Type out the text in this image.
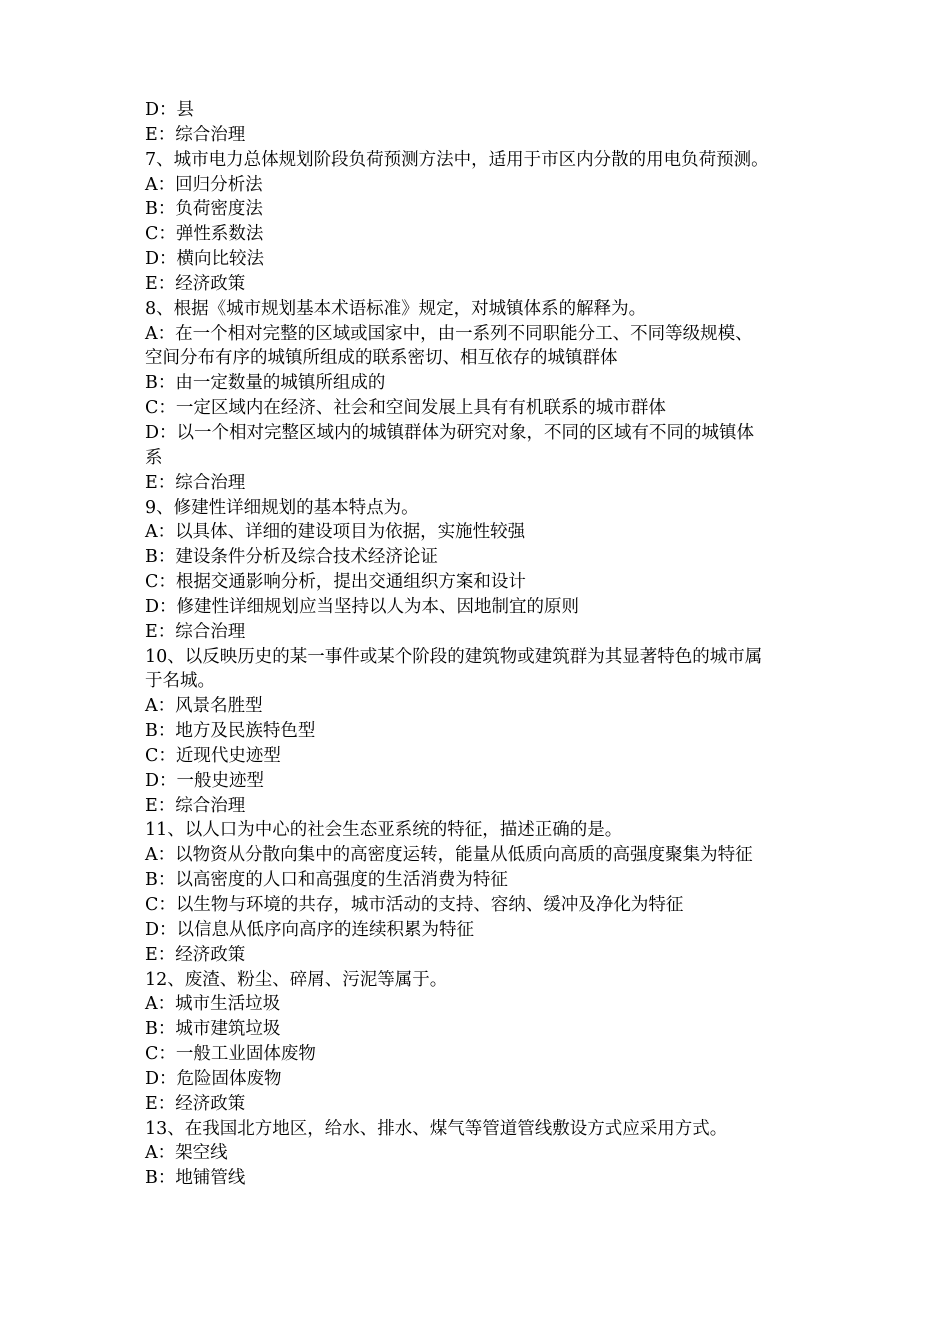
D：县
E：综合治理
7、城市电力总体规划阶段负荷预测方法中，适用于市区内分散的用电负荷预测。
A：回归分析法
B：负荷密度法
C：弹性系数法
D：横向比较法
E：经济政策
8、根据《城市规划基本术语标准》规定，对城镇体系的解释为。
A：在一个相对完整的区域或国家中，由一系列不同职能分工、不同等级规模、
空间分布有序的城镇所组成的联系密切、相互依存的城镇群体
B：由一定数量的城镇所组成的
C：一定区域内在经济、社会和空间发展上具有有机联系的城市群体
D：以一个相对完整区域内的城镇群体为研究对象，不同的区域有不同的城镇体
系
E：综合治理
9、修建性详细规划的基本特点为。
A：以具体、详细的建设项目为依据，实施性较强
B：建设条件分析及综合技术经济论证
C：根据交通影响分析，提出交通组织方案和设计
D：修建性详细规划应当坚持以人为本、因地制宜的原则
E：综合治理
10、以反映历史的某一事件或某个阶段的建筑物或建筑群为其显著特色的城市属
于名城。
A：风景名胜型
B：地方及民族特色型
C：近现代史迹型
D：一般史迹型
E：综合治理
11、以人口为中心的社会生态亚系统的特征，描述正确的是。
A：以物资从分散向集中的高密度运转，能量从低质向高质的高强度聚集为特征
B：以高密度的人口和高强度的生活消费为特征
C：以生物与环境的共存，城市活动的支持、容纳、缓冲及净化为特征
D：以信息从低序向高序的连续积累为特征
E：经济政策
12、废渣、粉尘、碎屑、污泥等属于。
A：城市生活垃圾
B：城市建筑垃圾
C：一般工业固体废物
D：危险固体废物
E：经济政策
13、在我国北方地区，给水、排水、煤气等管道管线敷设方式应采用方式。
A：架空线
B：地铺管线
